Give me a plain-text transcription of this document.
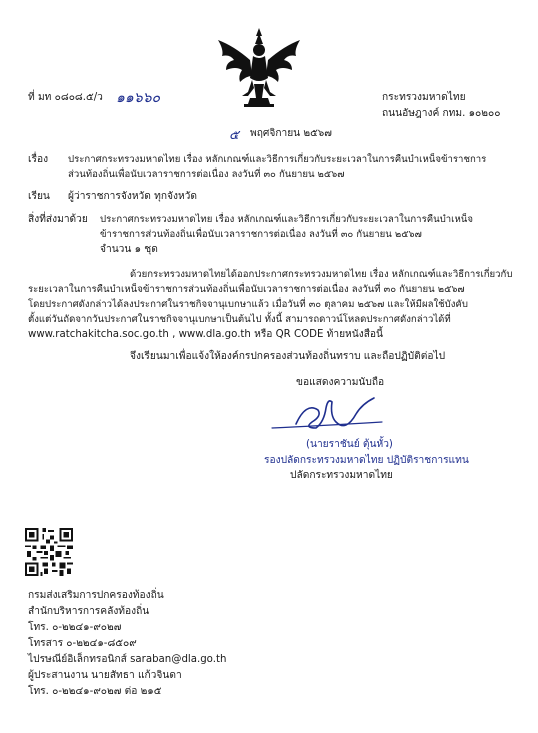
ที่ มท ๐๘๐๘.๕/ว ๑๑๖๖๐	กระทรวงมหาดไทย
ถนนอัษฎางค์ กทม. ๑๐๒๐๐
๕ พฤศจิกายน ๒๕๖๗
เรื่อง ประกาศกระทรวงมหาดไทย เรื่อง หลักเกณฑ์และวิธีการเกี่ยวกับระยะเวลาในการคืนบำเหน็จข้าราชการ
ส่วนท้องถิ่นเพื่อนับเวลาราชการต่อเนื่อง ลงวันที่ ๓๐ กันยายน ๒๕๖๗
เรียน ผู้ว่าราชการจังหวัด ทุกจังหวัด
สิ่งที่ส่งมาด้วย ประกาศกระทรวงมหาดไทย เรื่อง หลักเกณฑ์และวิธีการเกี่ยวกับระยะเวลาในการคืนบำเหน็จ
ข้าราชการส่วนท้องถิ่นเพื่อนับเวลาราชการต่อเนื่อง ลงวันที่ ๓๐ กันยายน ๒๕๖๗
จำนวน ๑ ชุด
ด้วยกระทรวงมหาดไทยได้ออกประกาศกระทรวงมหาดไทย เรื่อง หลักเกณฑ์และวิธีการเกี่ยวกับ
ระยะเวลาในการคืนบำเหน็จข้าราชการส่วนท้องถิ่นเพื่อนับเวลาราชการต่อเนื่อง ลงวันที่ ๓๐ กันยายน ๒๕๖๗
โดยประกาศดังกล่าวได้ลงประกาศในราชกิจจานุเบกษาแล้ว เมื่อวันที่ ๓๐ ตุลาคม ๒๕๖๗ และให้มีผลใช้บังคับ
ตั้งแต่วันถัดจากวันประกาศในราชกิจจานุเบกษาเป็นต้นไป ทั้งนี้ สามารถดาวน์โหลดประกาศดังกล่าวได้ที่
www.ratchakitcha.soc.go.th , www.dla.go.th หรือ QR CODE ท้ายหนังสือนี้
จึงเรียนมาเพื่อแจ้งให้องค์กรปกครองส่วนท้องถิ่นทราบ และถือปฏิบัติต่อไป
ขอแสดงความนับถือ
(นายราชันย์ ตุ้นหั้ว)
รองปลัดกระทรวงมหาดไทย ปฏิบัติราชการแทน
ปลัดกระทรวงมหาดไทย
กรมส่งเสริมการปกครองท้องถิ่น
สำนักบริหารการคลังท้องถิ่น
โทร. ๐-๒๒๔๑-๙๐๒๗
โทรสาร ๐-๒๒๔๑-๘๕๐๙
ไปรษณีย์อิเล็กทรอนิกส์ saraban@dla.go.th
ผู้ประสานงาน นายสัทธา แก้วจินดา
โทร. ๐-๒๒๔๑-๙๐๒๗ ต่อ ๒๑๕
